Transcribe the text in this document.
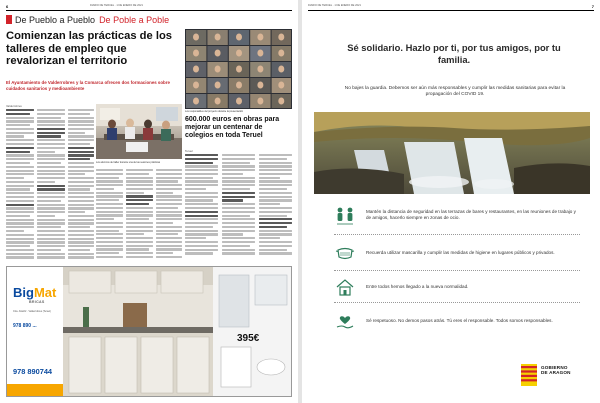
6	DIARIO DE TERUEL · 1 DE ENERO DE 2021
De Pueblo a Pueblo De Poble a Poble
Comienzan las prácticas de los talleres de empleo que revalorizan el territorio
El Ayuntamiento de Valderrobres y la Comarca ofrecen dos formaciones sobre cuidados sanitarios y medioambiente
Valderrobres
Los alumnos del taller durante una de las sesiones prácticas
Los responsables del proyecto durante la presentación
600.000 euros en obras para mejorar un centenar de colegios en toda Teruel
Teruel
BigMat
BRICAS
Ctra. Alcañiz · Valderrobres (Teruel)
978 890 ...
978 890744
395€
DIARIO DE TERUEL · 1 DE ENERO DE 2021	7
Sé solidario. Hazlo por ti, por tus amigos, por tu familia.
No bajes la guardia. Debemos ser aún más responsables y cumplir las medidas sanitarias para evitar la propagación del COVID 19.
Mantén la distancia de seguridad en las terrazas de bares y restaurantes, en las reuniones de trabajo y de amigos, hacerlo siempre en zonas de ocio.
Recuerda utilizar mascarilla y cumplir las medidas de higiene en lugares públicos y privados.
Entre todos hemos llegado a la nueva normalidad.
Sé respetuoso. No demos pasos atrás. Tú eres el responsable. Todos somos responsables.
GOBIERNO
DE ARAGON
